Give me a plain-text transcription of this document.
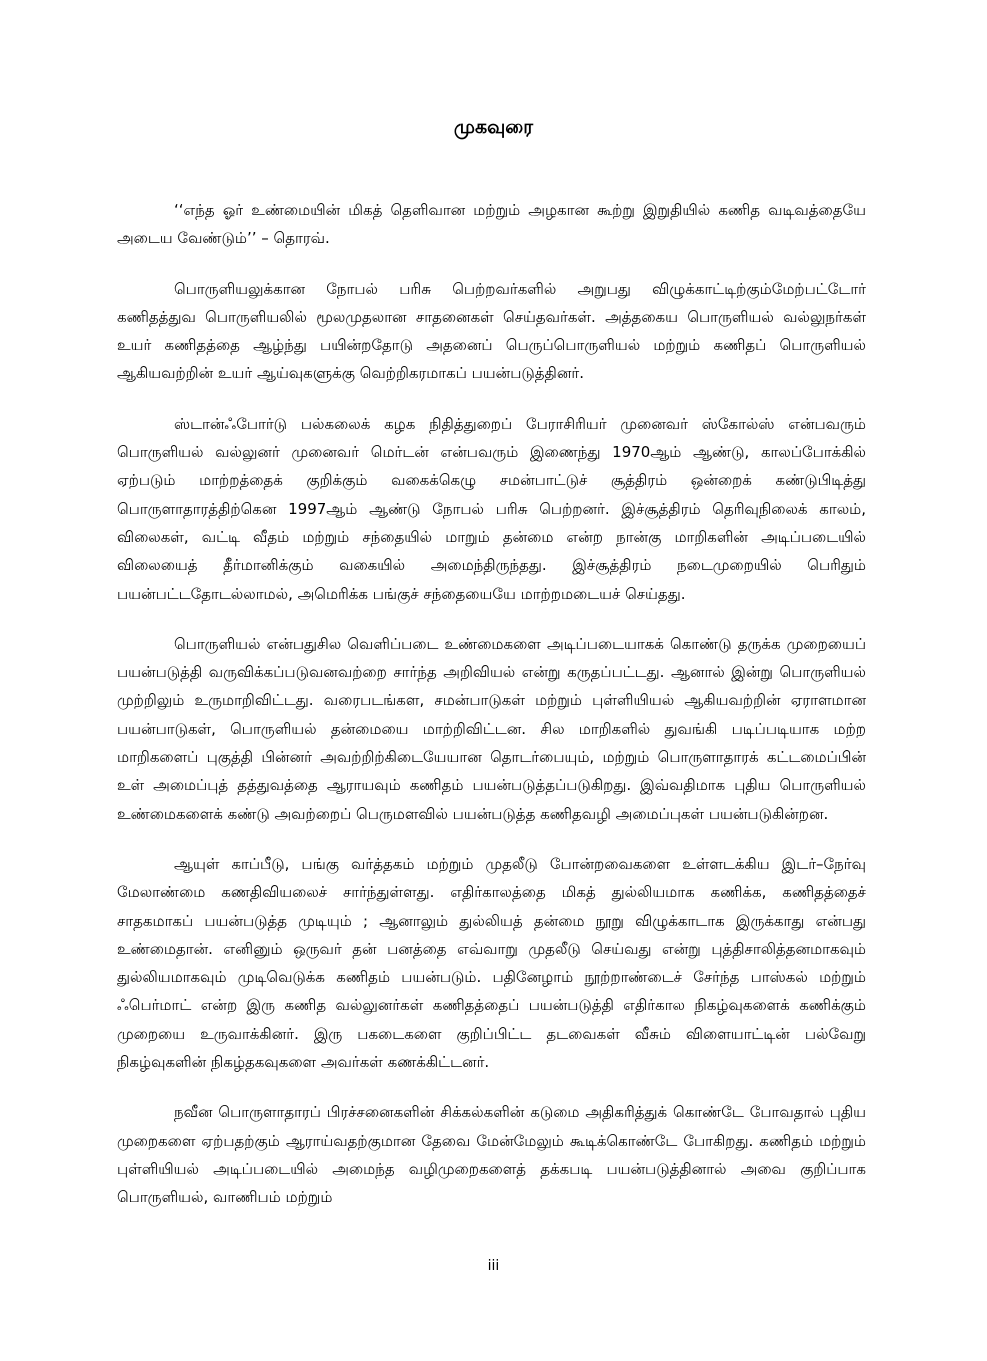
முகவுரை

‘‘எந்த ஓர் உண்மையின் மிகத் தெளிவான மற்றும் அழகான கூற்று இறுதியில் கணித வடிவத்தையே அடைய வேண்டும்’’ – தொரவ்.

பொருளியலுக்கான நோபல் பரிசு பெற்றவர்களில் அறுபது விழுக்காட்டிற்கும்மேற்பட்டோர் கணிதத்துவ பொருளியலில் மூலமுதலான சாதனைகள் செய்தவர்கள். அத்தகைய பொருளியல் வல்லுநர்கள் உயர் கணிதத்தை ஆழ்ந்து பயின்றதோடு அதனைப் பெருப்பொருளியல் மற்றும் கணிதப் பொருளியல் ஆகியவற்றின் உயர் ஆய்வுகளுக்கு வெற்றிகரமாகப் பயன்படுத்தினர்.

ஸ்டான்ஃபோர்டு பல்கலைக் கழக நிதித்துறைப் பேராசிரியர் முனைவர் ஸ்கோல்ஸ் என்பவரும் பொருளியல் வல்லுனர் முனைவர் மெர்டன் என்பவரும் இணைந்து 1970ஆம் ஆண்டு, காலப்போக்கில் ஏற்படும் மாற்றத்தைக் குறிக்கும் வகைக்கெழு சமன்பாட்டுச் சூத்திரம் ஒன்றைக் கண்டுபிடித்து பொருளாதாரத்திற்கென 1997ஆம் ஆண்டு நோபல் பரிசு பெற்றனர். இச்சூத்திரம் தெரிவுநிலைக் காலம், விலைகள், வட்டி வீதம் மற்றும் சந்தையில் மாறும் தன்மை என்ற நான்கு மாறிகளின் அடிப்படையில் விலையைத் தீர்மானிக்கும் வகையில் அமைந்திருந்தது. இச்சூத்திரம் நடைமுறையில் பெரிதும் பயன்பட்டதோடல்லாமல், அமெரிக்க பங்குச் சந்தையையே மாற்றமடையச் செய்தது.

பொருளியல் என்பதுசில வெளிப்படை உண்மைகளை அடிப்படையாகக் கொண்டு தருக்க முறையைப் பயன்படுத்தி வருவிக்கப்படுவனவற்றை சார்ந்த அறிவியல் என்று கருதப்பட்டது. ஆனால் இன்று பொருளியல் முற்றிலும் உருமாறிவிட்டது. வரைபடங்கள, சமன்பாடுகள் மற்றும் புள்ளியியல் ஆகியவற்றின் ஏராளமான பயன்பாடுகள், பொருளியல் தன்மையை மாற்றிவிட்டன. சில மாறிகளில் துவங்கி படிப்படியாக மற்ற மாறிகளைப் புகுத்தி பின்னர் அவற்றிற்கிடையேயான தொடர்பையும், மற்றும் பொருளாதாரக் கட்டமைப்பின் உள் அமைப்புத் தத்துவத்தை ஆராயவும் கணிதம் பயன்படுத்தப்படுகிறது. இவ்வதிமாக புதிய பொருளியல் உண்மைகளைக் கண்டு அவற்றைப் பெருமளவில் பயன்படுத்த கணிதவழி அமைப்புகள் பயன்படுகின்றன.

ஆயுள் காப்பீடு, பங்கு வர்த்தகம் மற்றும் முதலீடு போன்றவைகளை உள்ளடக்கிய இடர்–நேர்வு மேலாண்மை கணதிவியலைச் சார்ந்துள்ளது. எதிர்காலத்தை மிகத் துல்லியமாக கணிக்க, கணிதத்தைச் சாதகமாகப் பயன்படுத்த முடியும் ; ஆனாலும் துல்லியத் தன்மை நூறு விழுக்காடாக இருக்காது என்பது உண்மைதான். எனினும் ஒருவர் தன் பனத்தை எவ்வாறு முதலீடு செய்வது என்று புத்திசாலித்தனமாகவும் துல்லியமாகவும் முடிவெடுக்க கணிதம் பயன்படும். பதினேழாம் நூற்றாண்டைச் சேர்ந்த பாஸ்கல் மற்றும் ஃபெர்மாட் என்ற இரு கணித வல்லுனர்கள் கணிதத்தைப் பயன்படுத்தி எதிர்கால நிகழ்வுகளைக் கணிக்கும் முறையை உருவாக்கினர். இரு பகடைகளை குறிப்பிட்ட தடவைகள் வீசும் விளையாட்டின் பல்வேறு நிகழ்வுகளின் நிகழ்தகவுகளை அவர்கள் கணக்கிட்டனர்.

நவீன பொருளாதாரப் பிரச்சனைகளின் சிக்கல்களின் கடுமை அதிகரித்துக் கொண்டே போவதால் புதிய முறைகளை ஏற்பதற்கும் ஆராய்வதற்குமான தேவை மேன்மேலும் கூடிக்கொண்டே போகிறது. கணிதம் மற்றும் புள்ளியியல் அடிப்படையில் அமைந்த வழிமுறைகளைத் தக்கபடி பயன்படுத்தினால் அவை குறிப்பாக பொருளியல், வாணிபம் மற்றும்

iii
